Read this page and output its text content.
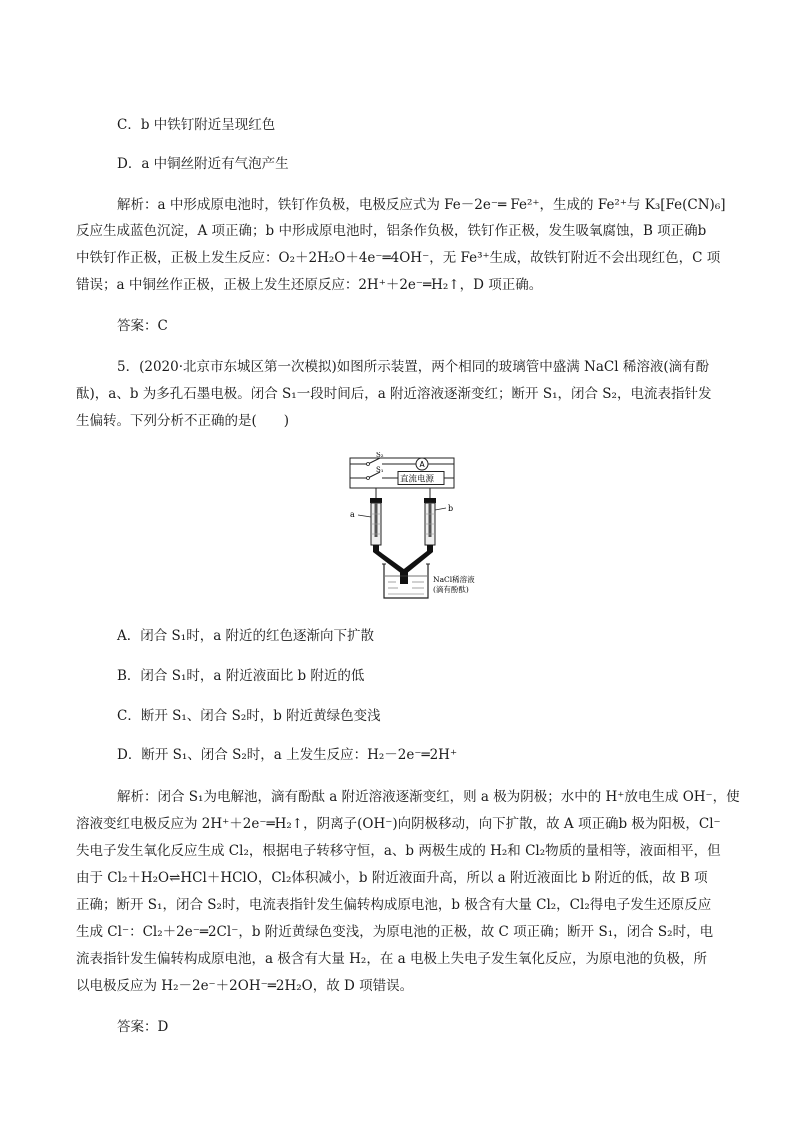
C．b 中铁钉附近呈现红色
D．a 中铜丝附近有气泡产生
解析：a 中形成原电池时，铁钉作负极，电极反应式为 Fe－2e⁻═ Fe²⁺，生成的 Fe²⁺与 K₃[Fe(CN)₆]
反应生成蓝色沉淀，A 项正确；b 中形成原电池时，铝条作负极，铁钉作正极，发生吸氧腐蚀，B 项正确b
中铁钉作正极，正极上发生反应：O₂＋2H₂O＋4e⁻═4OH⁻，无 Fe³⁺生成，故铁钉附近不会出现红色，C 项
错误；a 中铜丝作正极，正极上发生还原反应：2H⁺＋2e⁻═H₂↑，D 项正确。
答案：C
5．(2020·北京市东城区第一次模拟)如图所示装置，两个相同的玻璃管中盛满 NaCl 稀溶液(滴有酚
酞)，a、b 为多孔石墨电极。闭合 S₁一段时间后，a 附近溶液逐渐变红；断开 S₁，闭合 S₂，电流表指针发
生偏转。下列分析不正确的是(　　)
S₂
A
S₁
直流电源
a
b
NaCl稀溶液
(滴有酚酞)
A．闭合 S₁时，a 附近的红色逐渐向下扩散
B．闭合 S₁时，a 附近液面比 b 附近的低
C．断开 S₁、闭合 S₂时，b 附近黄绿色变浅
D．断开 S₁、闭合 S₂时，a 上发生反应：H₂－2e⁻═2H⁺
解析：闭合 S₁为电解池，滴有酚酞 a 附近溶液逐渐变红，则 a 极为阴极；水中的 H⁺放电生成 OH⁻，使
溶液变红电极反应为 2H⁺＋2e⁻═H₂↑，阴离子(OH⁻)向阴极移动，向下扩散，故 A 项正确b 极为阳极，Cl⁻
失电子发生氧化反应生成 Cl₂，根据电子转移守恒，a、b 两极生成的 H₂和 Cl₂物质的量相等，液面相平，但
由于 Cl₂＋H₂O⇌HCl＋HClO，Cl₂体积减小，b 附近液面升高，所以 a 附近液面比 b 附近的低，故 B 项
正确；断开 S₁，闭合 S₂时，电流表指针发生偏转构成原电池，b 极含有大量 Cl₂，Cl₂得电子发生还原反应
生成 Cl⁻：Cl₂＋2e⁻═2Cl⁻，b 附近黄绿色变浅，为原电池的正极，故 C 项正确；断开 S₁，闭合 S₂时，电
流表指针发生偏转构成原电池，a 极含有大量 H₂，在 a 电极上失电子发生氧化反应，为原电池的负极，所
以电极反应为 H₂－2e⁻＋2OH⁻═2H₂O，故 D 项错误。
答案：D
